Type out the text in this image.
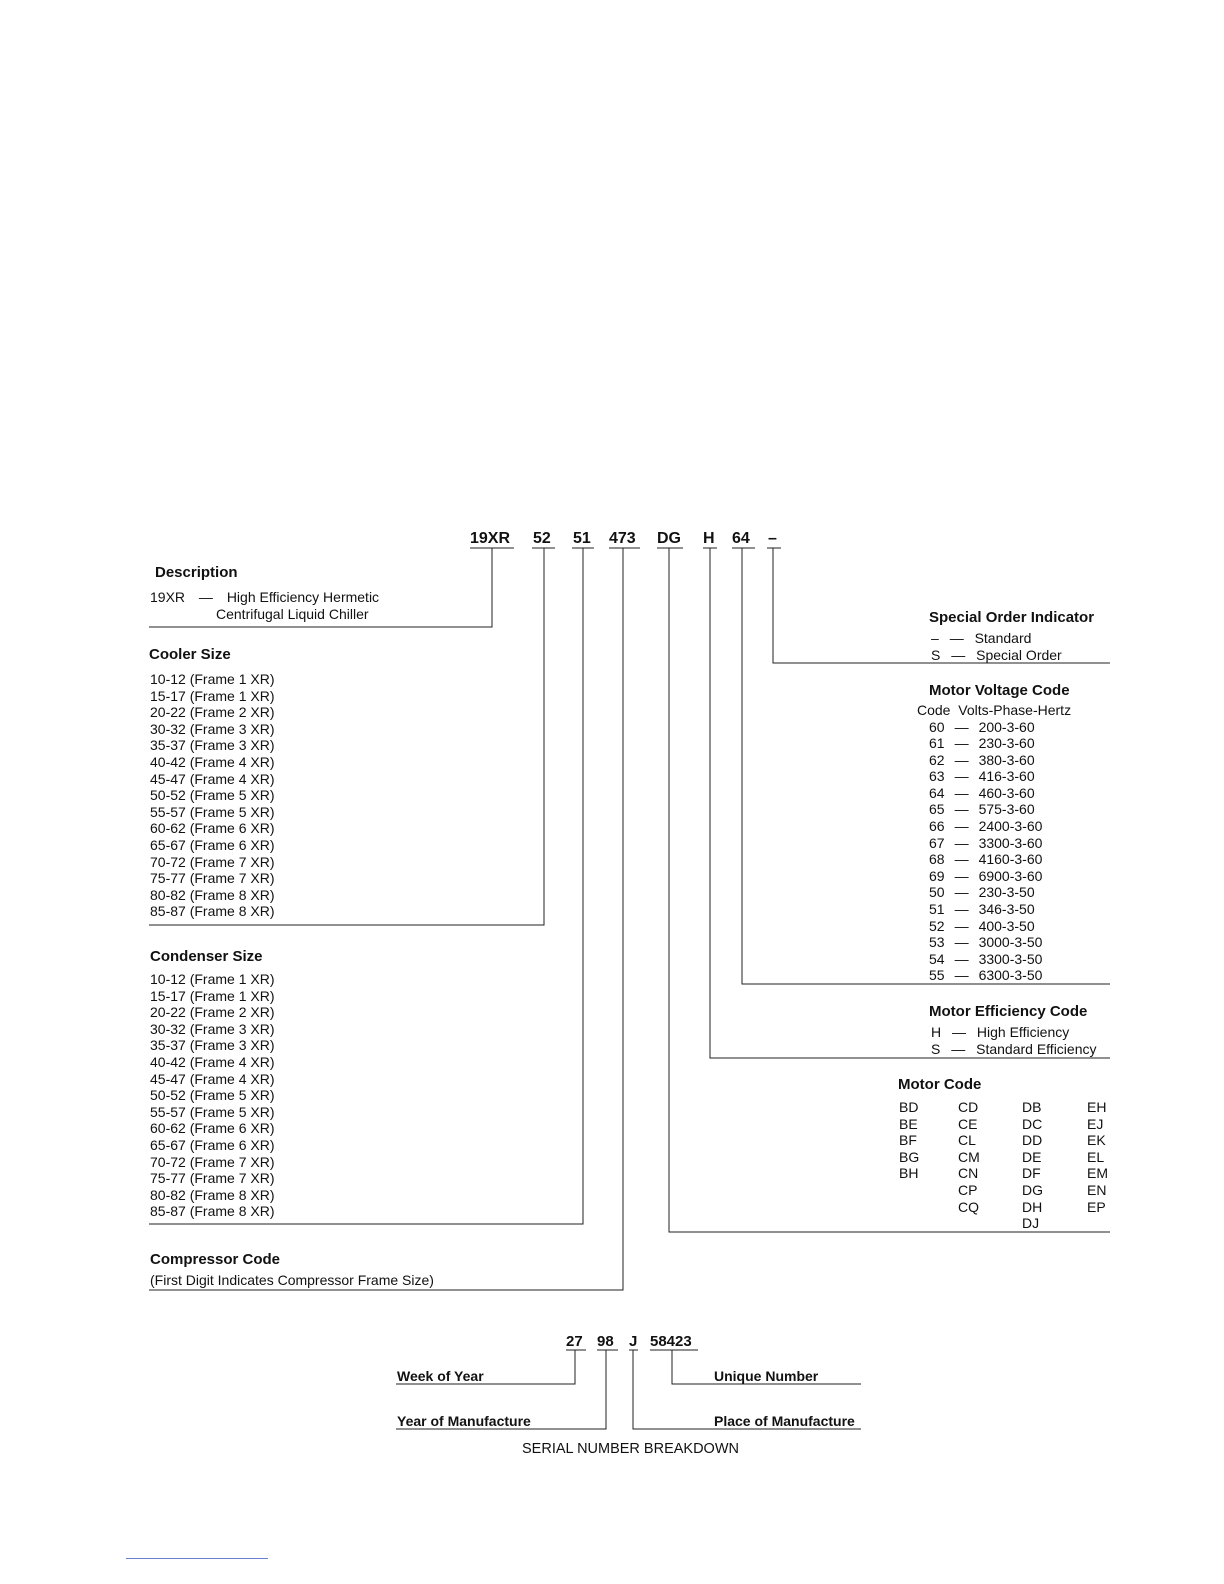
19XR 52 51 473 DG H 64 –
Description
19XR — High Efficiency Hermetic
Centrifugal Liquid Chiller
Cooler Size
10-12 (Frame 1 XR)
15-17 (Frame 1 XR)
20-22 (Frame 2 XR)
30-32 (Frame 3 XR)
35-37 (Frame 3 XR)
40-42 (Frame 4 XR)
45-47 (Frame 4 XR)
50-52 (Frame 5 XR)
55-57 (Frame 5 XR)
60-62 (Frame 6 XR)
65-67 (Frame 6 XR)
70-72 (Frame 7 XR)
75-77 (Frame 7 XR)
80-82 (Frame 8 XR)
85-87 (Frame 8 XR)
Condenser Size
10-12 (Frame 1 XR)
15-17 (Frame 1 XR)
20-22 (Frame 2 XR)
30-32 (Frame 3 XR)
35-37 (Frame 3 XR)
40-42 (Frame 4 XR)
45-47 (Frame 4 XR)
50-52 (Frame 5 XR)
55-57 (Frame 5 XR)
60-62 (Frame 6 XR)
65-67 (Frame 6 XR)
70-72 (Frame 7 XR)
75-77 (Frame 7 XR)
80-82 (Frame 8 XR)
85-87 (Frame 8 XR)
Compressor Code
(First Digit Indicates Compressor Frame Size)
Special Order Indicator
– — Standard
S — Special Order
Motor Voltage Code
Code  Volts-Phase-Hertz
60 — 200-3-60
61 — 230-3-60
62 — 380-3-60
63 — 416-3-60
64 — 460-3-60
65 — 575-3-60
66 — 2400-3-60
67 — 3300-3-60
68 — 4160-3-60
69 — 6900-3-60
50 — 230-3-50
51 — 346-3-50
52 — 400-3-50
53 — 3000-3-50
54 — 3300-3-50
55 — 6300-3-50
Motor Efficiency Code
H — High Efficiency
S — Standard Efficiency
Motor Code
BD
BE
BF
BG
BH
CD
CE
CL
CM
CN
CP
CQ
DB
DC
DD
DE
DF
DG
DH
DJ
EH
EJ
EK
EL
EM
EN
EP
27 98 J 58423
Week of Year
Year of Manufacture
Unique Number
Place of Manufacture
SERIAL NUMBER BREAKDOWN
